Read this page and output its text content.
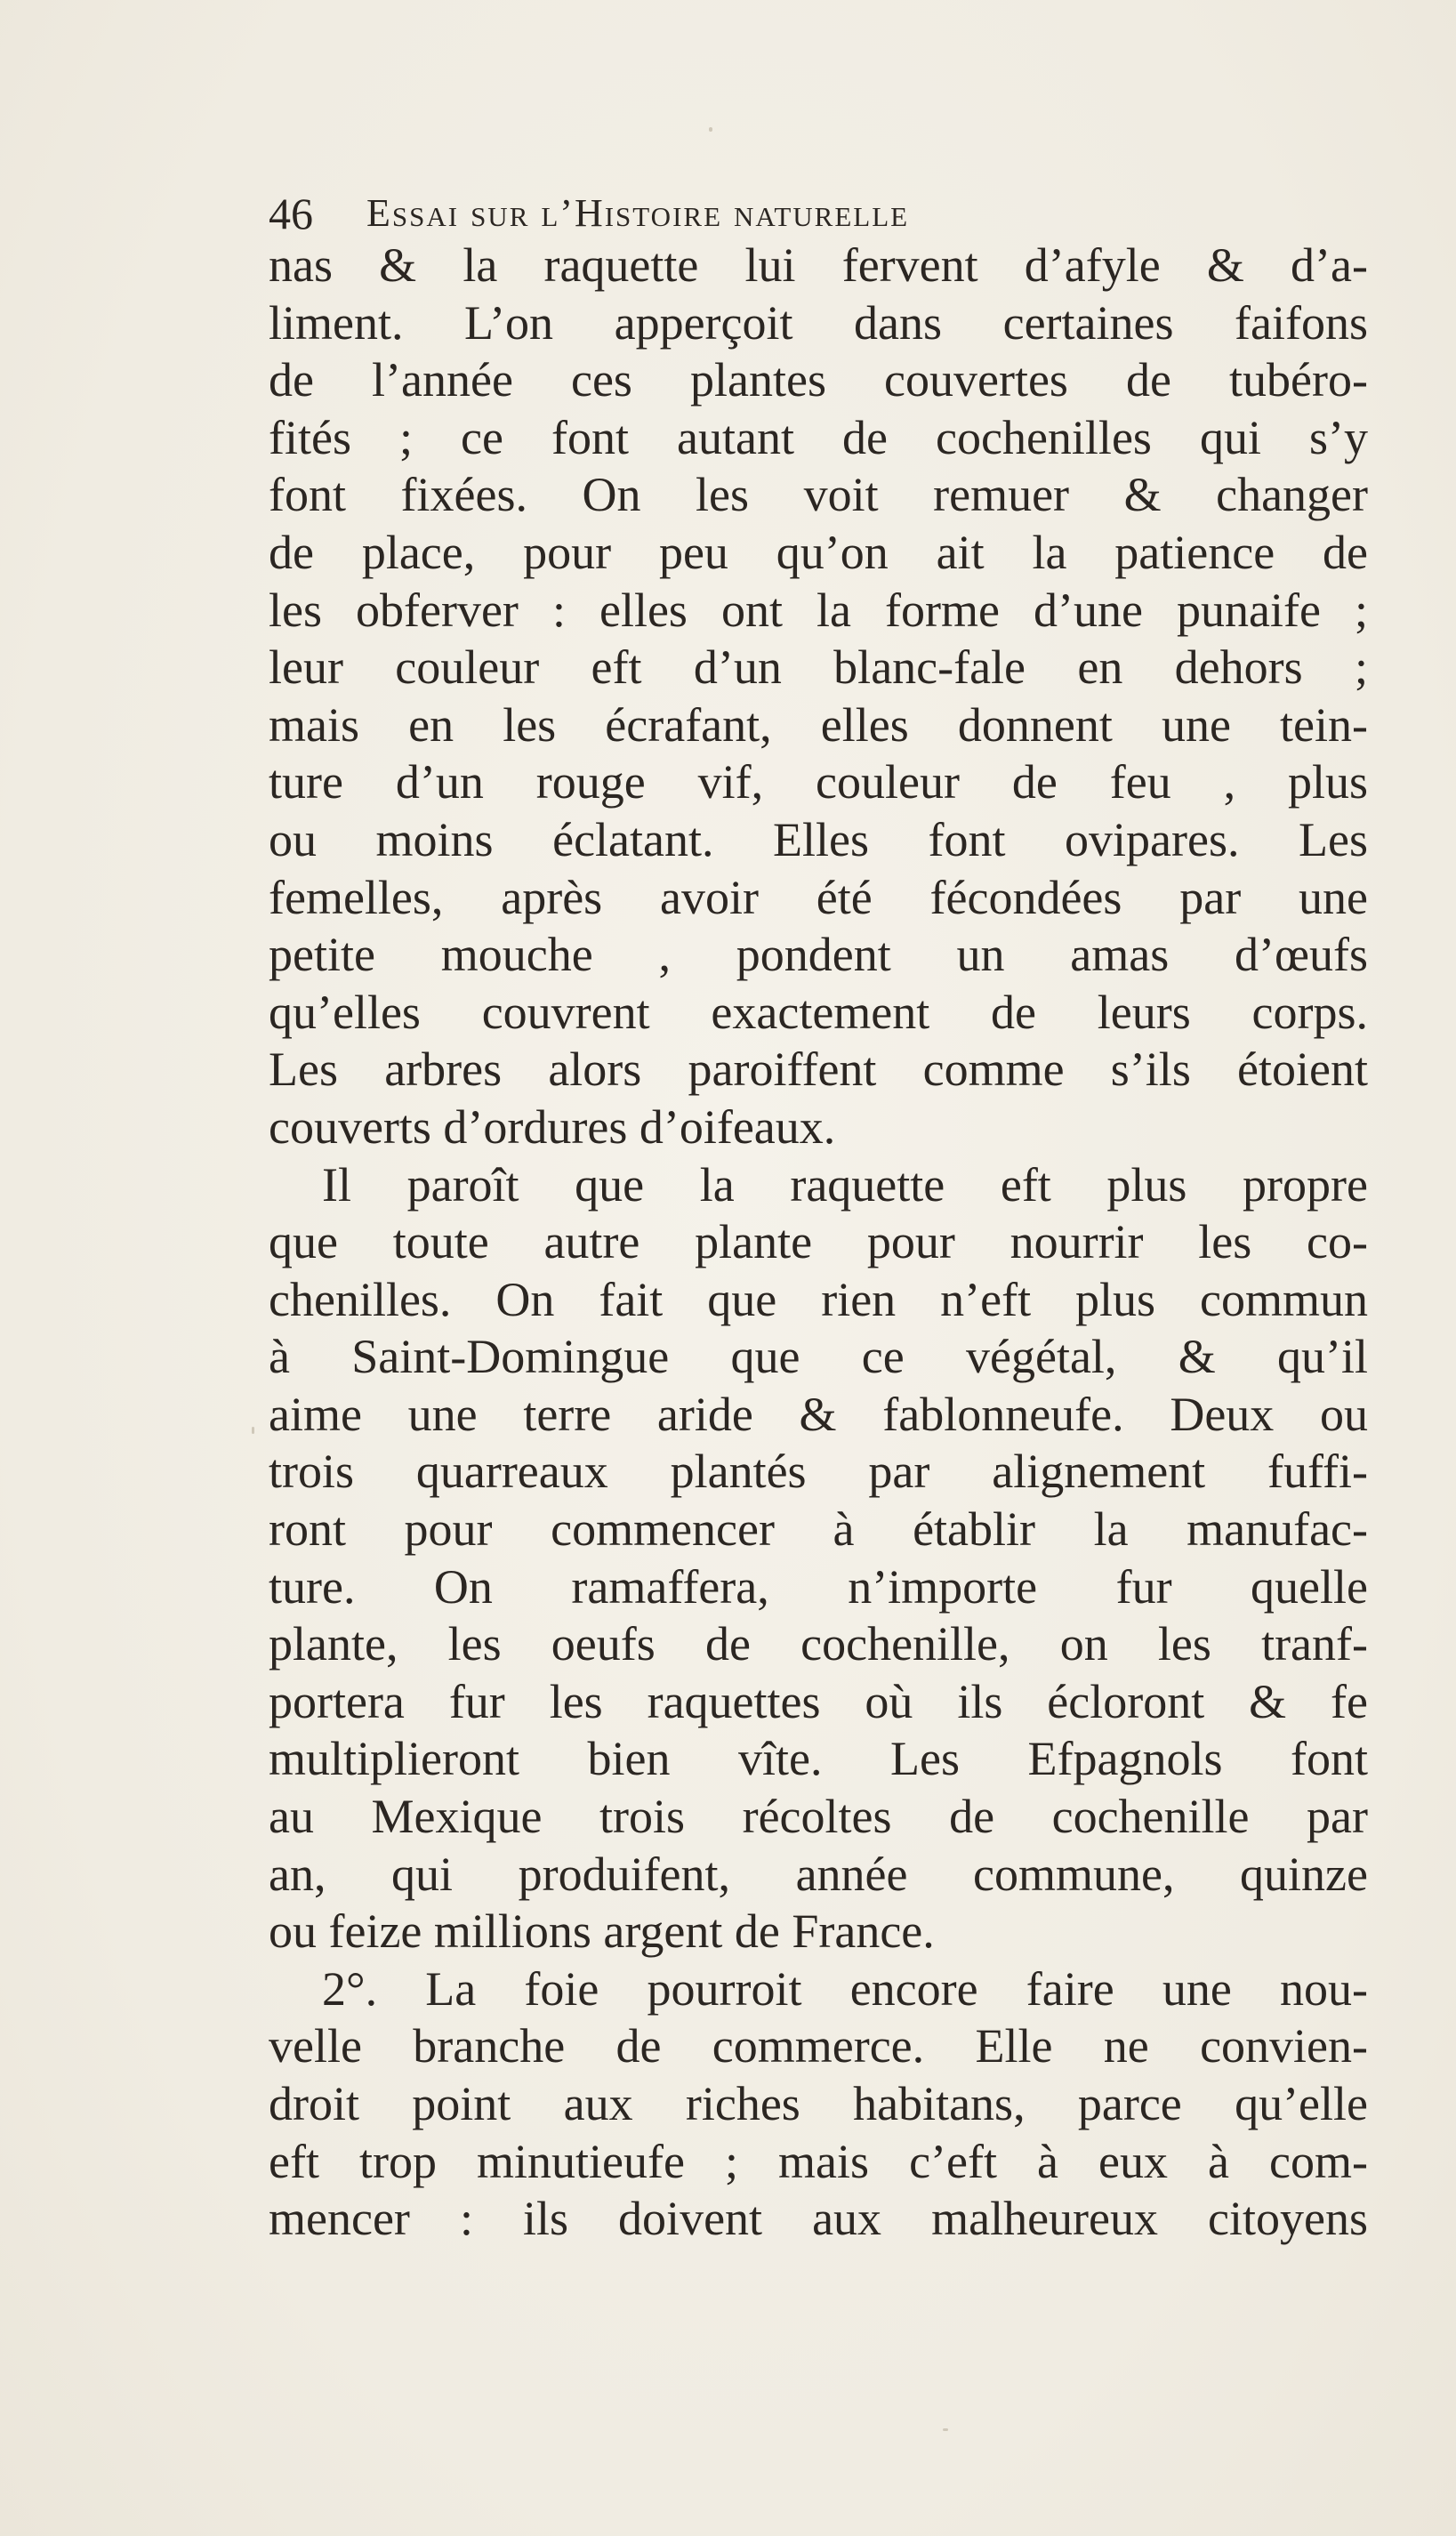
46 Essai sur l’Histoire naturelle
nas & la raquette lui fervent d’afyle & d’a-
liment. L’on apperçoit dans certaines faifons
de l’année ces plantes couvertes de tubéro-
fités ; ce font autant de cochenilles qui s’y
font fixées. On les voit remuer & changer
de place, pour peu qu’on ait la patience de
les obferver : elles ont la forme d’une punaife ;
leur couleur eft d’un blanc-fale en dehors ;
mais en les écrafant, elles donnent une tein-
ture d’un rouge vif, couleur de feu , plus
ou moins éclatant. Elles font ovipares. Les
femelles, après avoir été fécondées par une
petite mouche , pondent un amas d’œufs
qu’elles couvrent exactement de leurs corps.
Les arbres alors paroiffent comme s’ils étoient
couverts d’ordures d’oifeaux.
Il paroît que la raquette eft plus propre
que toute autre plante pour nourrir les co-
chenilles. On fait que rien n’eft plus commun
à Saint-Domingue que ce végétal, & qu’il
aime une terre aride & fablonneufe. Deux ou
trois quarreaux plantés par alignement fuffi-
ront pour commencer à établir la manufac-
ture. On ramaffera, n’importe fur quelle
plante, les oeufs de cochenille, on les tranf-
portera fur les raquettes où ils écloront & fe
multiplieront bien vîte. Les Efpagnols font
au Mexique trois récoltes de cochenille par
an, qui produifent, année commune, quinze
ou feize millions argent de France.
2°. La foie pourroit encore faire une nou-
velle branche de commerce. Elle ne convien-
droit point aux riches habitans, parce qu’elle
eft trop minutieufe ; mais c’eft à eux à com-
mencer : ils doivent aux malheureux citoyens
